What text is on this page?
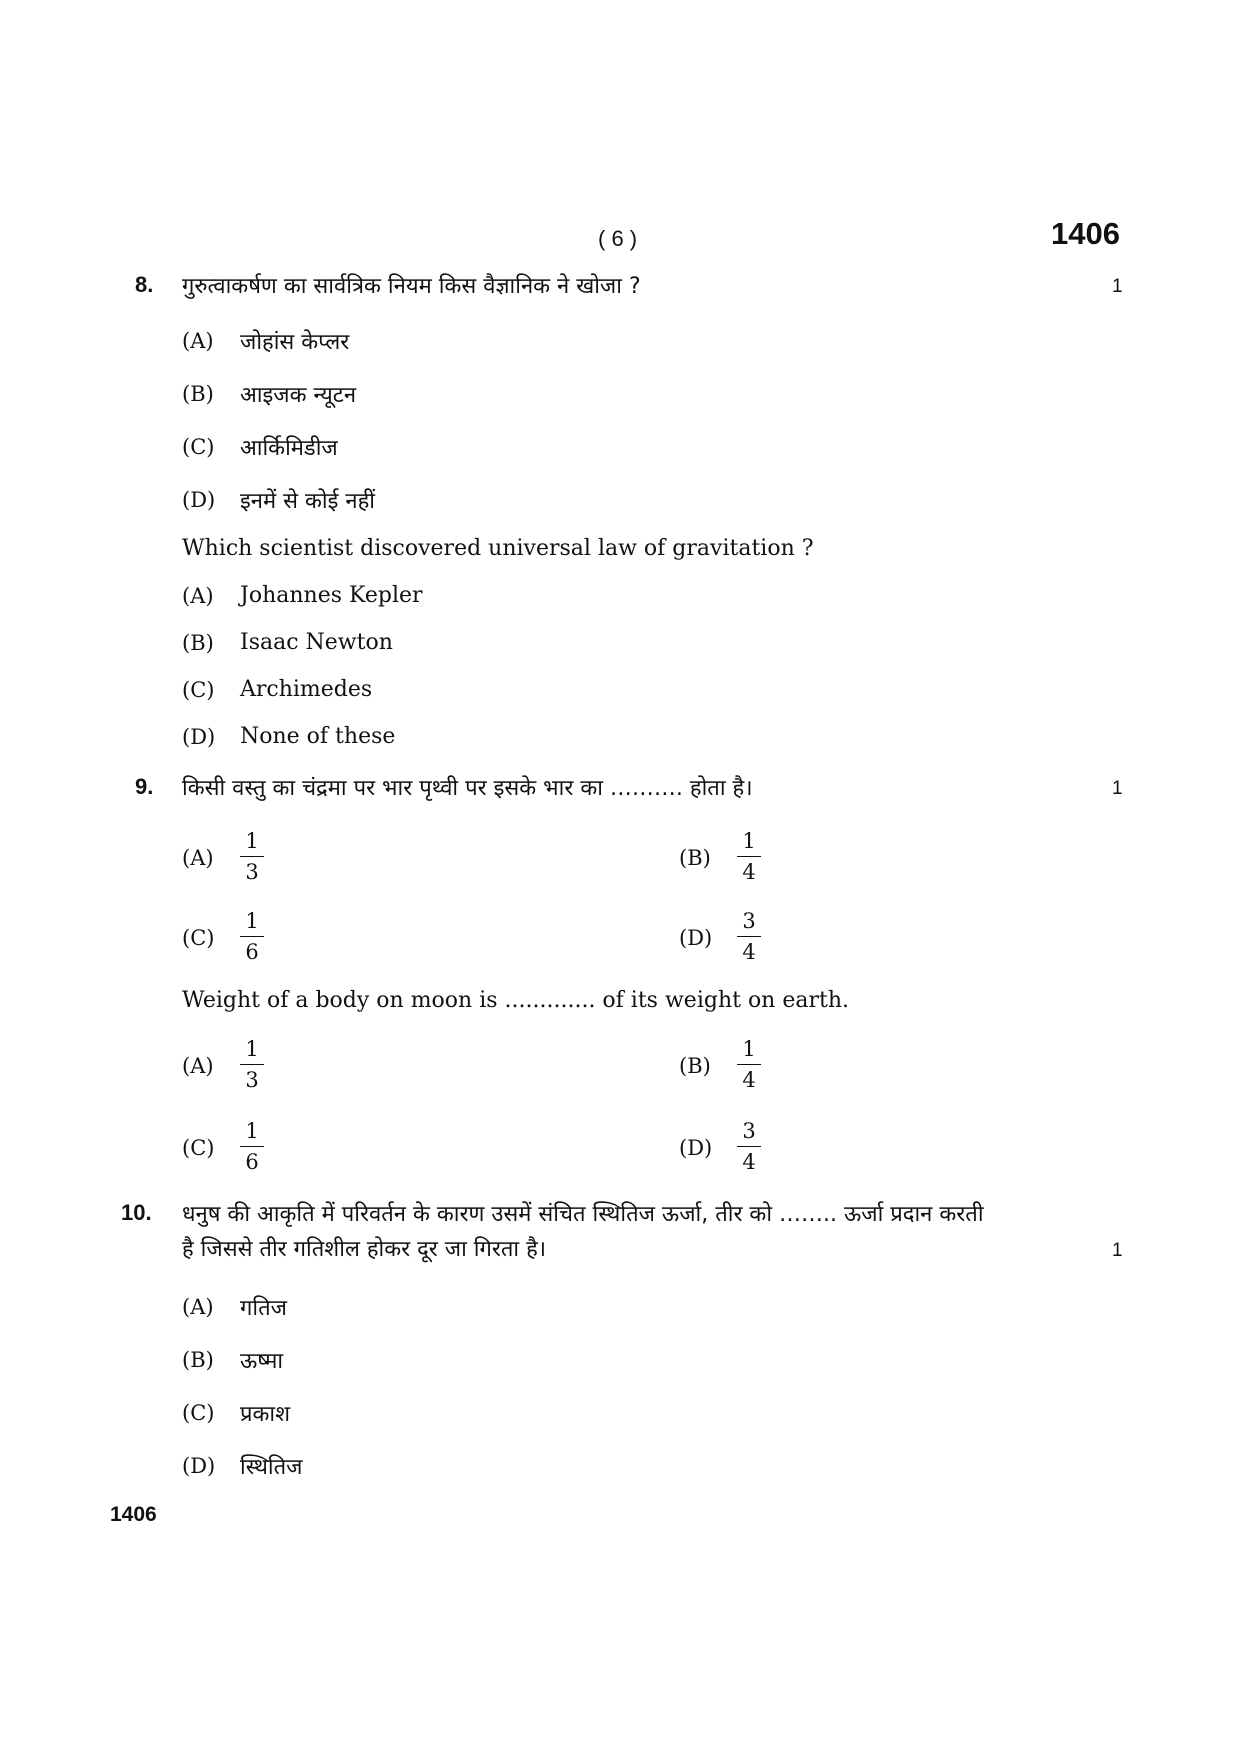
( 6 )	1406
8. गुरुत्वाकर्षण का सार्वत्रिक नियम किस वैज्ञानिक ने खोजा ?	1
(A) जोहांस केप्लर
(B) आइजक न्यूटन
(C) आर्किमिडीज
(D) इनमें से कोई नहीं
Which scientist discovered universal law of gravitation ?
(A) Johannes Kepler
(B) Isaac Newton
(C) Archimedes
(D) None of these
9. किसी वस्तु का चंद्रमा पर भार पृथ्वी पर इसके भार का ………. होता है।	1
(A)
1
3
(B)
1
4
(C)
1
6
(D)
3
4
Weight of a body on moon is ............. of its weight on earth.
(A)
1
3
(B)
1
4
(C)
1
6
(D)
3
4
10. धनुष की आकृति में परिवर्तन के कारण उसमें संचित स्थितिज ऊर्जा, तीर को …….. ऊर्जा प्रदान करती
है जिससे तीर गतिशील होकर दूर जा गिरता है।	1
(A) गतिज
(B) ऊष्मा
(C) प्रकाश
(D) स्थितिज
1406
